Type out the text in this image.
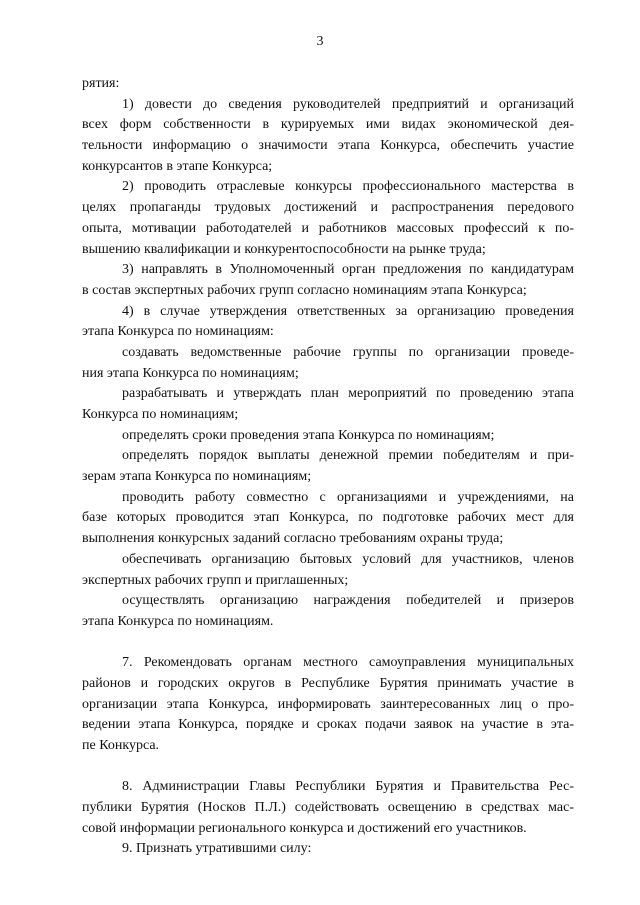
3
рятия:
1) довести до сведения руководителей предприятий и организаций
всех форм собственности в курируемых ими видах экономической дея-
тельности информацию о значимости этапа Конкурса, обеспечить участие
конкурсантов в этапе Конкурса;
2) проводить отраслевые конкурсы профессионального мастерства в
целях пропаганды трудовых достижений и распространения передового
опыта, мотивации работодателей и работников массовых профессий к по-
вышению квалификации и конкурентоспособности на рынке труда;
3) направлять в Уполномоченный орган предложения по кандидатурам
в состав экспертных рабочих групп согласно номинациям этапа Конкурса;
4) в случае утверждения ответственных за организацию проведения
этапа Конкурса по номинациям:
создавать ведомственные рабочие группы по организации проведе-
ния этапа Конкурса по номинациям;
разрабатывать и утверждать план мероприятий по проведению этапа
Конкурса по номинациям;
определять сроки проведения этапа Конкурса по номинациям;
определять порядок выплаты денежной премии победителям и при-
зерам этапа Конкурса по номинациям;
проводить работу совместно с организациями и учреждениями, на
базе которых проводится этап Конкурса, по подготовке рабочих мест для
выполнения конкурсных заданий согласно требованиям охраны труда;
обеспечивать организацию бытовых условий для участников, членов
экспертных рабочих групп и приглашенных;
осуществлять организацию награждения победителей и призеров
этапа Конкурса по номинациям.
7. Рекомендовать органам местного самоуправления муниципальных
районов и городских округов в Республике Бурятия принимать участие в
организации этапа Конкурса, информировать заинтересованных лиц о про-
ведении этапа Конкурса, порядке и сроках подачи заявок на участие в эта-
пе Конкурса.
8. Администрации Главы Республики Бурятия и Правительства Рес-
публики Бурятия (Носков П.Л.) содействовать освещению в средствах мас-
совой информации регионального конкурса и достижений его участников.
9. Признать утратившими силу:
